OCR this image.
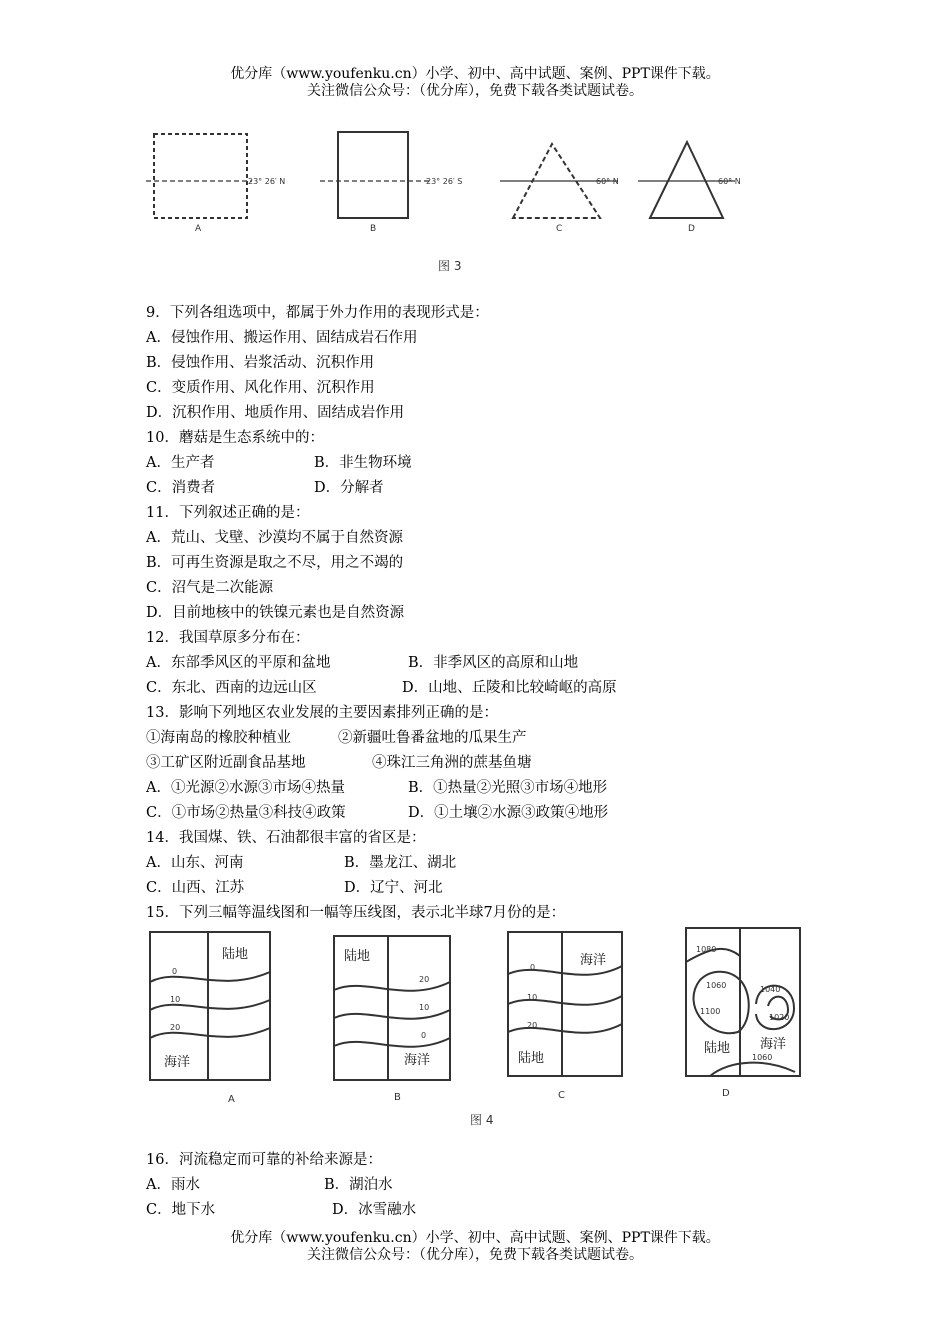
优分库（www.youfenku.cn）小学、初中、高中试题、案例、PPT课件下载。
关注微信公众号：（优分库），免费下载各类试题试卷。
23° 26′ N	23° 26′ S	60° N	60° N
A	B	C	D
图 3
9．下列各组选项中，都属于外力作用的表现形式是：
A．侵蚀作用、搬运作用、固结成岩石作用
B．侵蚀作用、岩浆活动、沉积作用
C．变质作用、风化作用、沉积作用
D．沉积作用、地质作用、固结成岩作用
10．蘑菇是生态系统中的：
A．生产者	B．非生物环境
C．消费者	D．分解者
11．下列叙述正确的是：
A．荒山、戈壁、沙漠均不属于自然资源
B．可再生资源是取之不尽，用之不竭的
C．沼气是二次能源
D．目前地核中的铁镍元素也是自然资源
12．我国草原多分布在：
A．东部季风区的平原和盆地	B．非季风区的高原和山地
C．东北、西南的边远山区	D．山地、丘陵和比较崎岖的高原
13．影响下列地区农业发展的主要因素排列正确的是：
①海南岛的橡胶种植业	②新疆吐鲁番盆地的瓜果生产
③工矿区附近副食品基地	④珠江三角洲的蔗基鱼塘
A．①光源②水源③市场④热量	B．①热量②光照③市场④地形
C．①市场②热量③科技④政策	D．①土壤②水源③政策④地形
14．我国煤、铁、石油都很丰富的省区是：
A．山东、河南	B．墨龙江、湖北
C．山西、江苏	D．辽宁、河北
15．下列三幅等温线图和一幅等压线图，表示北半球7月份的是：
0
10
20
20
10
0
0
10
20
1080
1060
1100
1040
1020
1060
陆地
海洋
陆地
海洋
海洋
陆地
陆地 海洋
A	B	C	D
图 4
16．河流稳定而可靠的补给来源是：
A．雨水	B．湖泊水
C．地下水	D．冰雪融水
优分库（www.youfenku.cn）小学、初中、高中试题、案例、PPT课件下载。
关注微信公众号：（优分库），免费下载各类试题试卷。
